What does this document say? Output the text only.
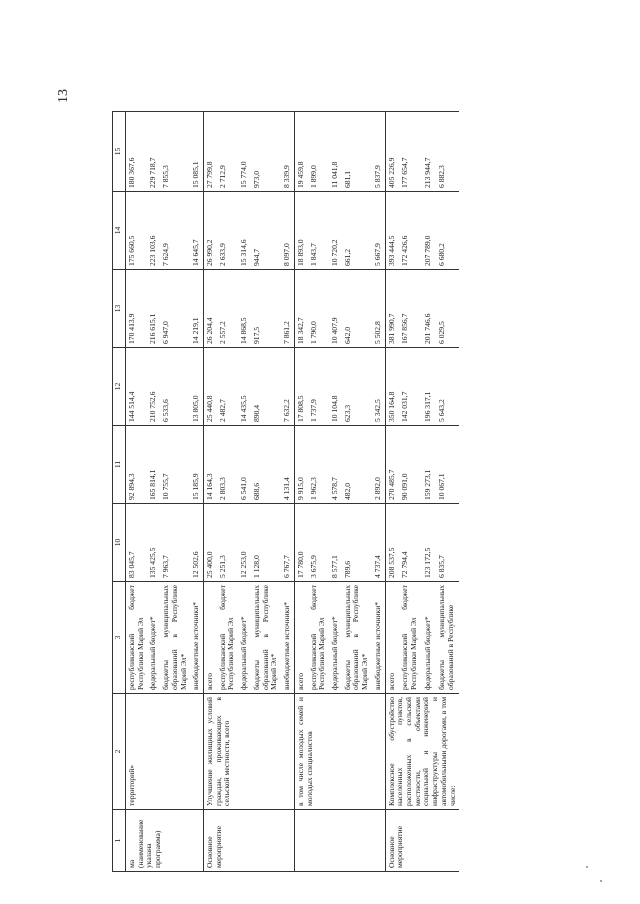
13
1	2	3	10	11	12	13	14	15
ма (наименование указана программа)	территорий»	республиканский бюджет Республики Марий Эл	83 045,7	92 894,3	144 514,4	170 413,9	175 660,5	180 367,6
		федеральный бюджет*	135 425,5	165 814,1	210 752,6	216 615,1	223 103,6	229 718,7
		бюджеты муниципальных образований в Республике Марий Эл*	7 963,7	10 755,7	6 533,6	6 947,0	7 624,9	7 855,3
		внебюджетные источники*	12 502,6	15 185,9	13 805,0	14 219,1	14 645,7	15 085,1
Основное мероприятие	Улучшение жилищных условий граждан, проживающих в сельской местности, всего	всего	25 400,0	14 164,3	25 440,8	26 204,4	26 990,2	27 799,8
		республиканский бюджет Республики Марий Эл	5 251,3	2 803,3	2 482,7	2 557,2	2 633,9	2 712,9
		федеральный бюджет*	12 253,0	6 541,0	14 435,5	14 868,5	15 314,6	15 774,0
		бюджеты муниципальных образований в Республике Марий Эл*	1 128,0	688,6	890,4	917,5	944,7	973,0
		внебюджетные источники*	6 767,7	4 131,4	7 632,2	7 861,2	8 097,0	8 339,9
	в том числе молодых семей и молодых специалистов	всего	17 780,0	9 915,0	17 808,5	18 342,7	18 893,0	19 459,8
		республиканский бюджет Республики Марий Эл	3 675,9	1 962,3	1 737,9	1 790,0	1 843,7	1 899,0
		федеральный бюджет*	8 577,1	4 578,7	10 104,8	10 407,9	10 720,2	11 041,8
		бюджеты муниципальных образований в Республике Марий Эл*	789,6	482,0	623,3	642,0	661,2	681,1
		внебюджетные источники*	4 737,4	2 892,0	5 342,5	5 502,8	5 667,9	5 837,9
Основное мероприятие	Комплексное обустройство населенных пунктов, расположенных в сельской местности, объектами социальной и инженерной инфраструктуры и автомобильными дорогами, в том числе:	всего	208 537,5	270 485,7	350 164,8	381 990,7	393 444,5	405 226,9
		республиканский бюджет Республики Марий Эл	72 794,4	90 091,0	142 031,7	167 856,7	172 426,6	177 654,7
		федеральный бюджет*	123 172,5	159 273,1	196 317,1	201 746,6	207 789,0	213 944,7
		бюджеты муниципальных образований в Республике	6 835,7	10 067,1	5 643,2	6 029,5	6 680,2	6 882,3
